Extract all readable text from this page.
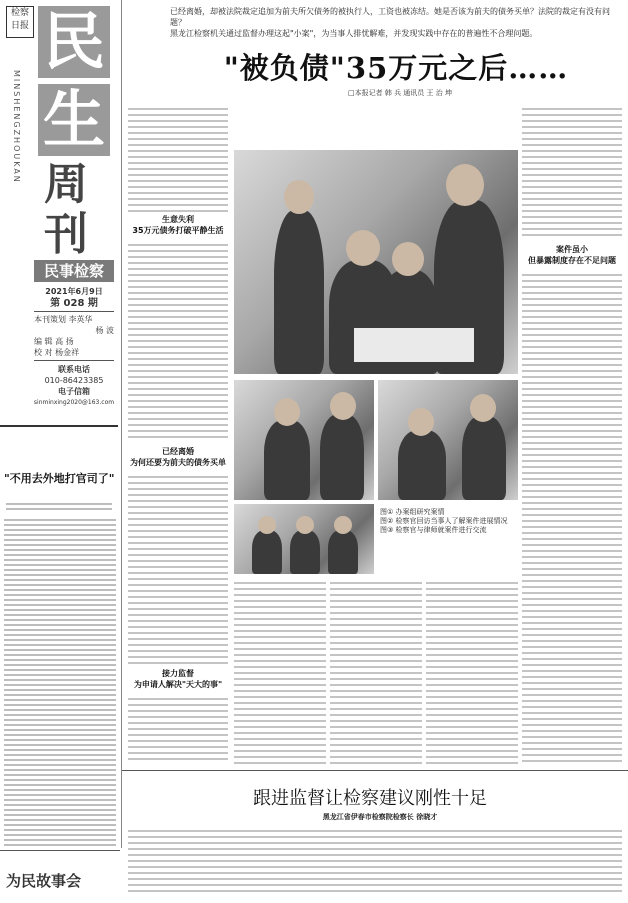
检察日报 民
生
MINSHENGZHOUKAN
周刊
民事检察
2021年6月9日
第 028 期
本刊策划 李英华
杨 波
编 辑 高 扬
校 对 杨金祥
联系电话
010-86423385
电子信箱
sinminxing2020@163.com
"不用去外地打官司了"
已经离婚，却被法院裁定追加为前夫所欠债务的被执行人，工资也被冻结。她是否该为前夫的债务买单？法院的裁定有没有问题？
黑龙江检察机关通过监督办理这起"小案"，为当事人排忧解难，并发现实践中存在的普遍性不合理问题。
"被负债"35万元之后……
□本报记者 韩 兵 通讯员 王 治 坤
生意失利
35万元债务打破平静生活
已经离婚
为何还要为前夫的债务买单
接力监督
为申请人解决"天大的事"
案件虽小
但暴露制度存在不足问题
图① 办案组研究案情
图② 检察官回访当事人了解案件进展情况
图③ 检察官与律师就案件进行交流
跟进监督让检察建议刚性十足
黑龙江省伊春市检察院检察长 徐晓才
为民故事会
